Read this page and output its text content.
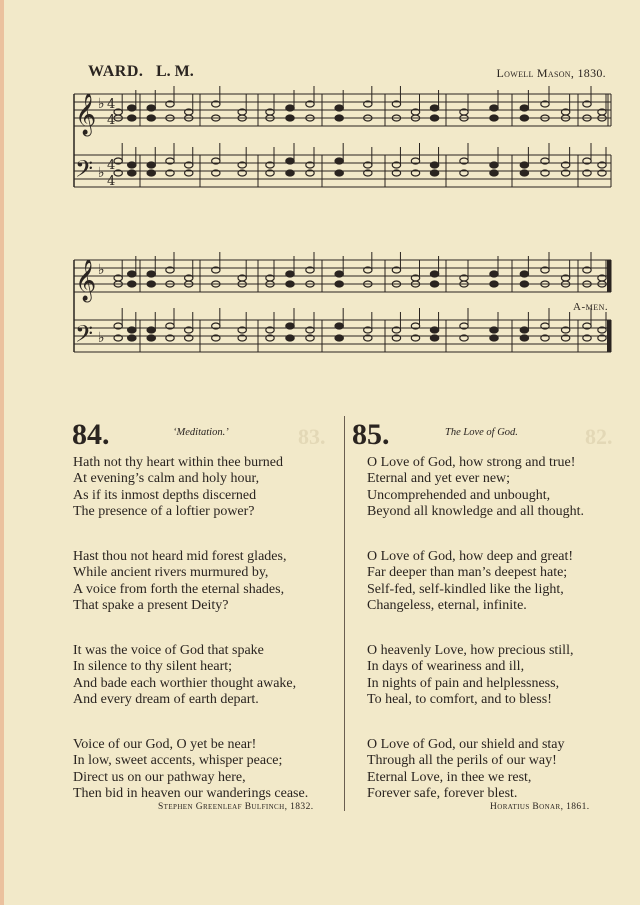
WARD. L. M.	Lowell Mason, 1830.
𝄞
𝄢
♭
♭
4
4
4
4
𝄞
𝄢
♭
♭
A-men.
83.	82.
84.	‘Meditation.’
Hath not thy heart within thee burned
At evening’s calm and holy hour,
As if its inmost depths discerned
The presence of a loftier power?
Hast thou not heard mid forest glades,
While ancient rivers murmured by,
A voice from forth the eternal shades,
That spake a present Deity?
It was the voice of God that spake
In silence to thy silent heart;
And bade each worthier thought awake,
And every dream of earth depart.
Voice of our God, O yet be near!
In low, sweet accents, whisper peace;
Direct us on our pathway here,
Then bid in heaven our wanderings cease.
Stephen Greenleaf Bulfinch, 1832.
85.	The Love of God.
O Love of God, how strong and true!
Eternal and yet ever new;
Uncomprehended and unbought,
Beyond all knowledge and all thought.
O Love of God, how deep and great!
Far deeper than man’s deepest hate;
Self-fed, self-kindled like the light,
Changeless, eternal, infinite.
O heavenly Love, how precious still,
In days of weariness and ill,
In nights of pain and helplessness,
To heal, to comfort, and to bless!
O Love of God, our shield and stay
Through all the perils of our way!
Eternal Love, in thee we rest,
Forever safe, forever blest.
Horatius Bonar, 1861.
